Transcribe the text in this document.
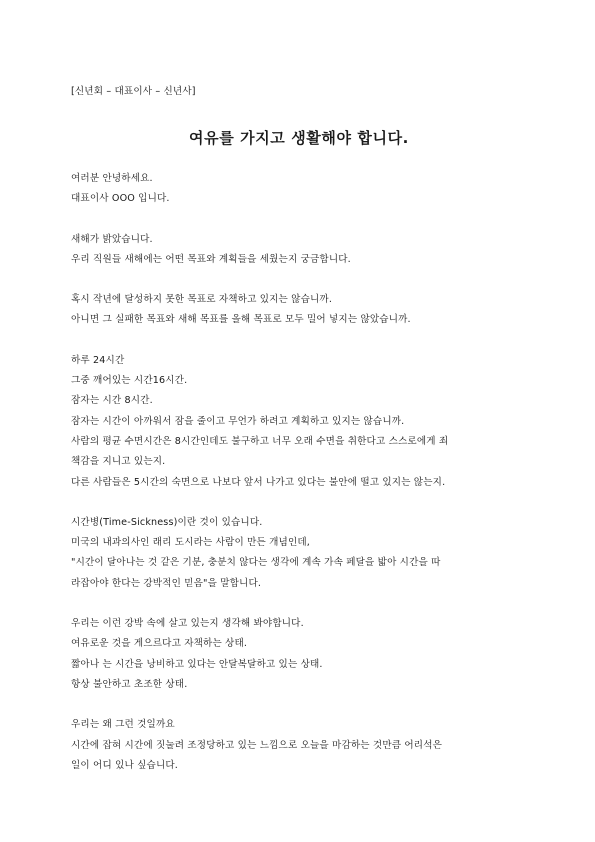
[신년회 – 대표이사 – 신년사]
여유를 가지고 생활해야 합니다.
여러분 안녕하세요.
대표이사 OOO 입니다.
새해가 밝았습니다.
우리 직원들 새해에는 어떤 목표와 계획들을 세웠는지 궁금합니다.
혹시 작년에 달성하지 못한 목표로 자책하고 있지는 않습니까.
아니면 그 실패한 목표와 새해 목표를 올해 목표로 모두 밀어 넣지는 않았습니까.
하루 24시간
그중 깨어있는 시간16시간.
잠자는 시간 8시간.
잠자는 시간이 아까워서 잠을 줄이고 무언가 하려고 계획하고 있지는 않습니까.
사람의 평균 수면시간은 8시간인데도 불구하고 너무 오래 수면을 취한다고 스스로에게 죄
책감을 지니고 있는지.
다른 사람들은 5시간의 숙면으로 나보다 앞서 나가고 있다는 불안에 떨고 있지는 않는지.
시간병(Time-Sickness)이란 것이 있습니다.
미국의 내과의사인 래리 도시라는 사람이 만든 개념인데,
"시간이 달아나는 것 같은 기분, 충분치 않다는 생각에 계속 가속 페달을 밟아 시간을 따
라잡아야 한다는 강박적인 믿음"을 말합니다.
우리는 이런 강박 속에 살고 있는지 생각해 봐야합니다.
여유로운 것을 게으르다고 자책하는 상태.
짧아나 는 시간을 낭비하고 있다는 안달복달하고 있는 상태.
항상 불안하고 초조한 상태.
우리는 왜 그런 것일까요
시간에 잡혀 시간에 짓눌려 조정당하고 있는 느낌으로 오늘을 마감하는 것만큼 어리석은
일이 어디 있나 싶습니다.
